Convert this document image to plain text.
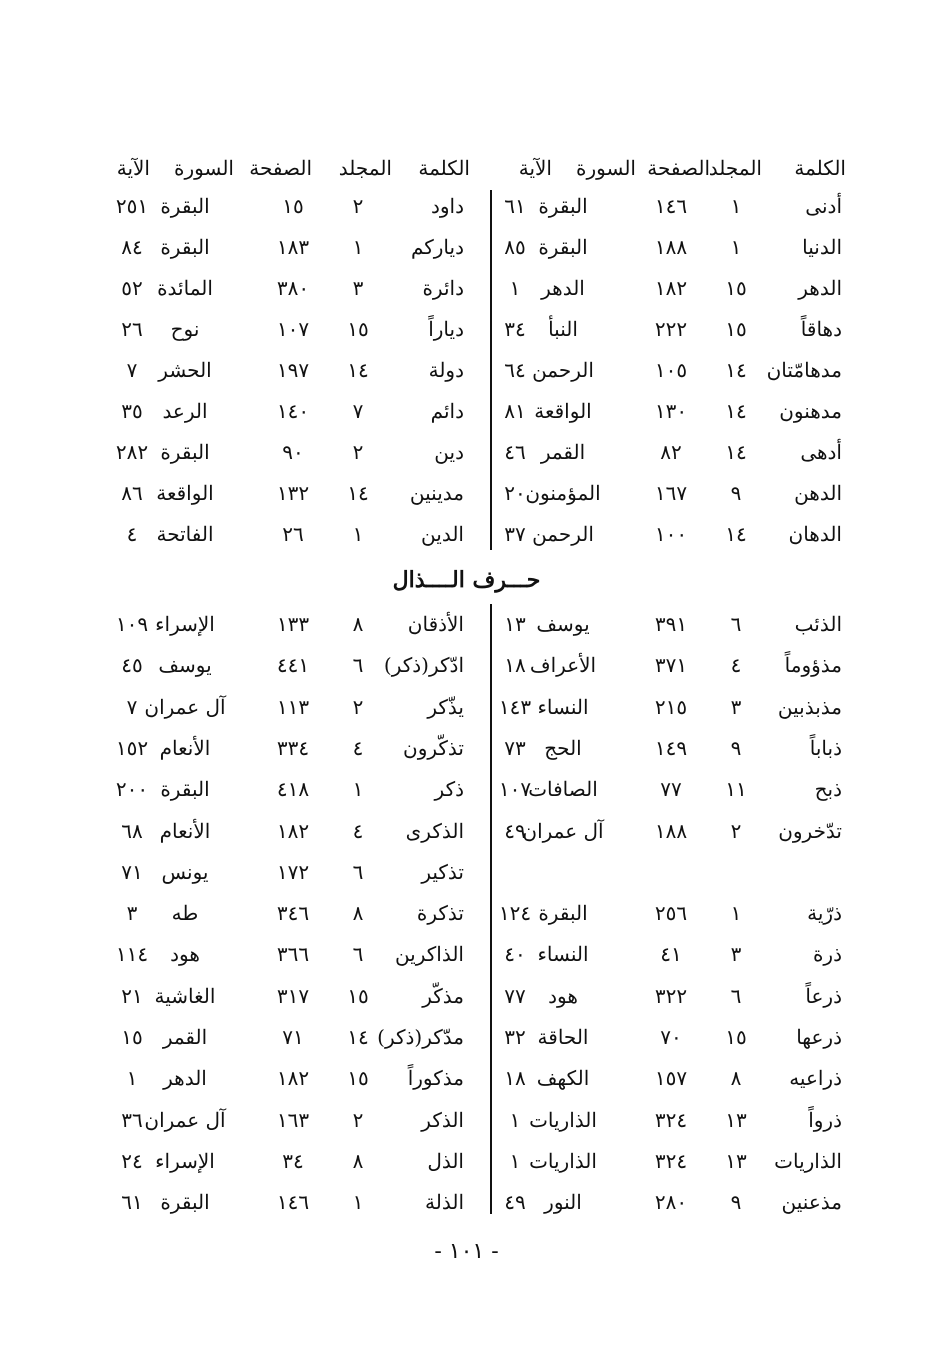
الكلمة
المجلد
الصفحة
السورة
الآية
الكلمة
المجلد
الصفحة
السورة
الآية
أدنى
١
١٤٦
البقرة
٦١
داود
٢
١٥
البقرة
٢٥١
الدنيا
١
١٨٨
البقرة
٨٥
ديارکم
١
١٨٣
البقرة
٨٤
الدهر
١٥
١٨٢
الدهر
١
دائرة
٣
٣٨٠
المائدة
٥٢
دهاقاً
١٥
٢٢٢
النبأ
٣٤
دياراً
١٥
١٠٧
نوح
٢٦
مدهامّتان
١٤
١٠٥
الرحمن
٦٤
دولة
١٤
١٩٧
الحشر
٧
مدهنون
١٤
١٣٠
الواقعة
٨١
دائم
٧
١٤٠
الرعد
٣٥
أدهى
١٤
٨٢
القمر
٤٦
دين
٢
٩٠
البقرة
٢٨٢
الدهن
٩
١٦٧
المؤمنون
٢٠
مدينين
١٤
١٣٢
الواقعة
٨٦
الدهان
١٤
١٠٠
الرحمن
٣٧
الدين
١
٢٦
الفاتحة
٤
حـــرف الــــذال
الذئب
٦
٣٩١
يوسف
١٣
الأذقان
٨
١٣٣
الإسراء
١٠٩
مذؤوماً
٤
٣٧١
الأعراف
١٨
ادّكر(ذكر)
٦
٤٤١
يوسف
٤٥
مذبذبين
٣
٢١٥
النساء
١٤٣
يذّكر
٢
١١٣
آل عمران
٧
ذباباً
٩
١٤٩
الحج
٧٣
تذكّرون
٤
٣٣٤
الأنعام
١٥٢
ذبح
١١
٧٧
الصافات
١٠٧
ذكر
١
٤١٨
البقرة
٢٠٠
تدّخرون
٢
١٨٨
آل عمران
٤٩
الذكرى
٤
١٨٢
الأنعام
٦٨
تذكير
٦
١٧٢
يونس
٧١
ذرّية
١
٢٥٦
البقرة
١٢٤
تذكرة
٨
٣٤٦
طه
٣
ذرة
٣
٤١
النساء
٤٠
الذاكرين
٦
٣٦٦
هود
١١٤
ذرعاً
٦
٣٢٢
هود
٧٧
مذكّر
١٥
٣١٧
الغاشية
٢١
ذرعها
١٥
٧٠
الحاقة
٣٢
مدّكر(ذكر)
١٤
٧١
القمر
١٥
ذراعيه
٨
١٥٧
الكهف
١٨
مذكوراً
١٥
١٨٢
الدهر
١
ذرواً
١٣
٣٢٤
الذاريات
١
الذكر
٢
١٦٣
آل عمران
٣٦
الذاريات
١٣
٣٢٤
الذاريات
١
الذل
٨
٣٤
الإسراء
٢٤
مذعنين
٩
٢٨٠
النور
٤٩
الذلة
١
١٤٦
البقرة
٦١
- ١٠١ -
